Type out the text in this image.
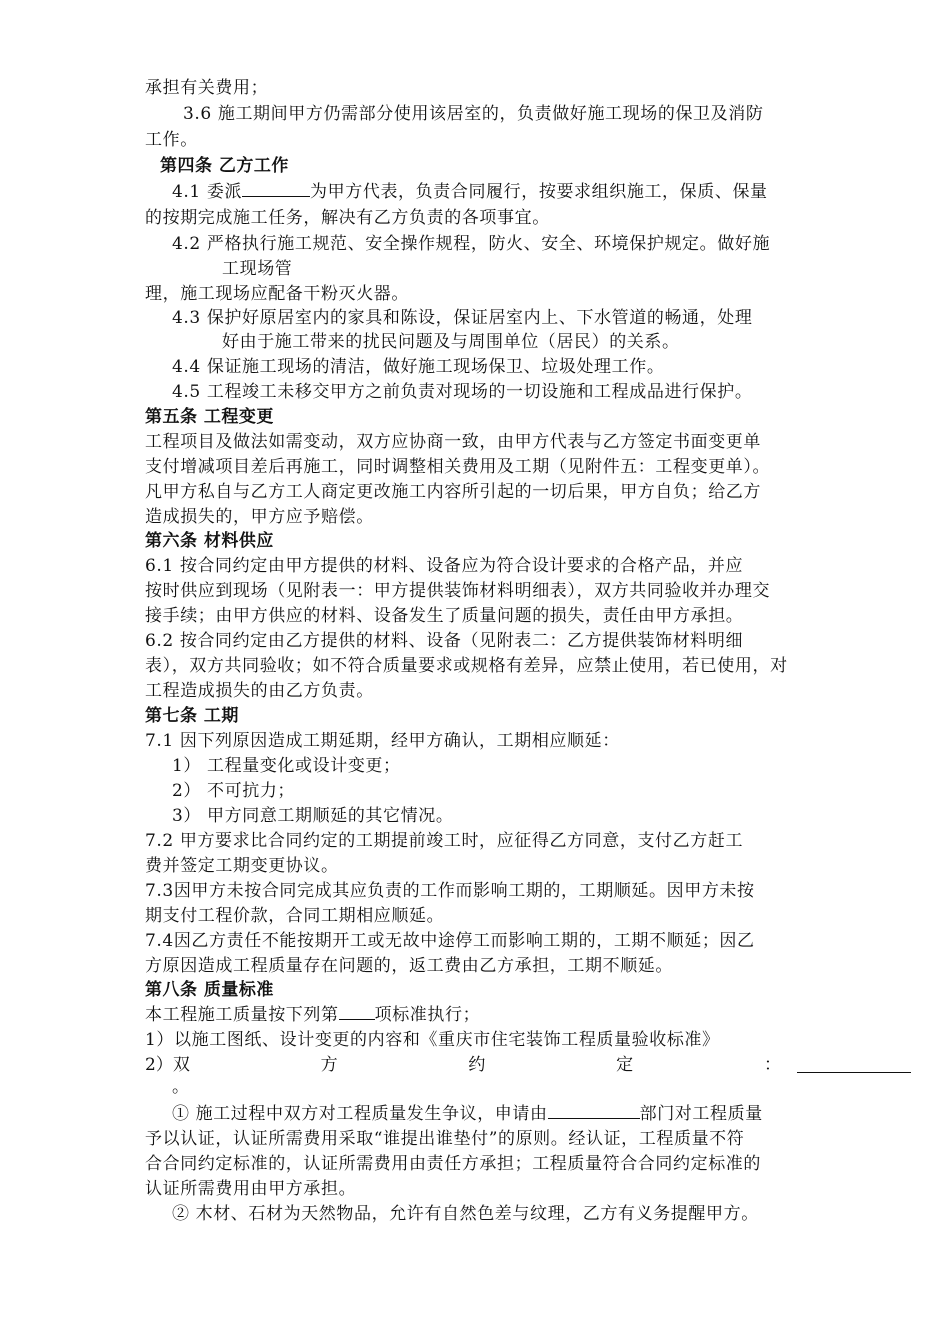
承担有关费用；
3.6 施工期间甲方仍需部分使用该居室的，负责做好施工现场的保卫及消防
工作。
第四条 乙方工作
4.1 委派	为甲方代表，负责合同履行，按要求组织施工，保质、保量
的按期完成施工任务，解决有乙方负责的各项事宜。
4.2 严格执行施工规范、安全操作规程，防火、安全、环境保护规定。做好施
工现场管
理，施工现场应配备干粉灭火器。
4.3 保护好原居室内的家具和陈设，保证居室内上、下水管道的畅通，处理
好由于施工带来的扰民问题及与周围单位（居民）的关系。
4.4 保证施工现场的清洁，做好施工现场保卫、垃圾处理工作。
4.5 工程竣工未移交甲方之前负责对现场的一切设施和工程成品进行保护。
第五条 工程变更
工程项目及做法如需变动，双方应协商一致，由甲方代表与乙方签定书面变更单
支付增减项目差后再施工，同时调整相关费用及工期（见附件五：工程变更单）。
凡甲方私自与乙方工人商定更改施工内容所引起的一切后果，甲方自负；给乙方
造成损失的，甲方应予赔偿。
第六条 材料供应
6.1 按合同约定由甲方提供的材料、设备应为符合设计要求的合格产品，并应
按时供应到现场（见附表一：甲方提供装饰材料明细表），双方共同验收并办理交
接手续；由甲方供应的材料、设备发生了质量问题的损失，责任由甲方承担。
6.2 按合同约定由乙方提供的材料、设备（见附表二：乙方提供装饰材料明细
表），双方共同验收；如不符合质量要求或规格有差异，应禁止使用，若已使用，对
工程造成损失的由乙方负责。
第七条 工期
7.1 因下列原因造成工期延期，经甲方确认，工期相应顺延：
1） 工程量变化或设计变更；
2） 不可抗力；
3） 甲方同意工期顺延的其它情况。
7.2 甲方要求比合同约定的工期提前竣工时，应征得乙方同意，支付乙方赶工
费并签定工期变更协议。
7.3因甲方未按合同完成其应负责的工作而影响工期的，工期顺延。因甲方未按
期支付工程价款，合同工期相应顺延。
7.4因乙方责任不能按期开工或无故中途停工而影响工期的，工期不顺延；因乙
方原因造成工程质量存在问题的，返工费由乙方承担，工期不顺延。
第八条 质量标准
本工程施工质量按下列第 项标准执行；
1）以施工图纸、设计变更的内容和《重庆市住宅装饰工程质量验收标准》
2）双	方	约	定	：
。
① 施工过程中双方对工程质量发生争议，申请由	部门对工程质量
予以认证，认证所需费用采取“谁提出谁垫付”的原则。经认证，工程质量不符
合合同约定标准的，认证所需费用由责任方承担；工程质量符合合同约定标准的
认证所需费用由甲方承担。
② 木材、石材为天然物品，允许有自然色差与纹理，乙方有义务提醒甲方。
